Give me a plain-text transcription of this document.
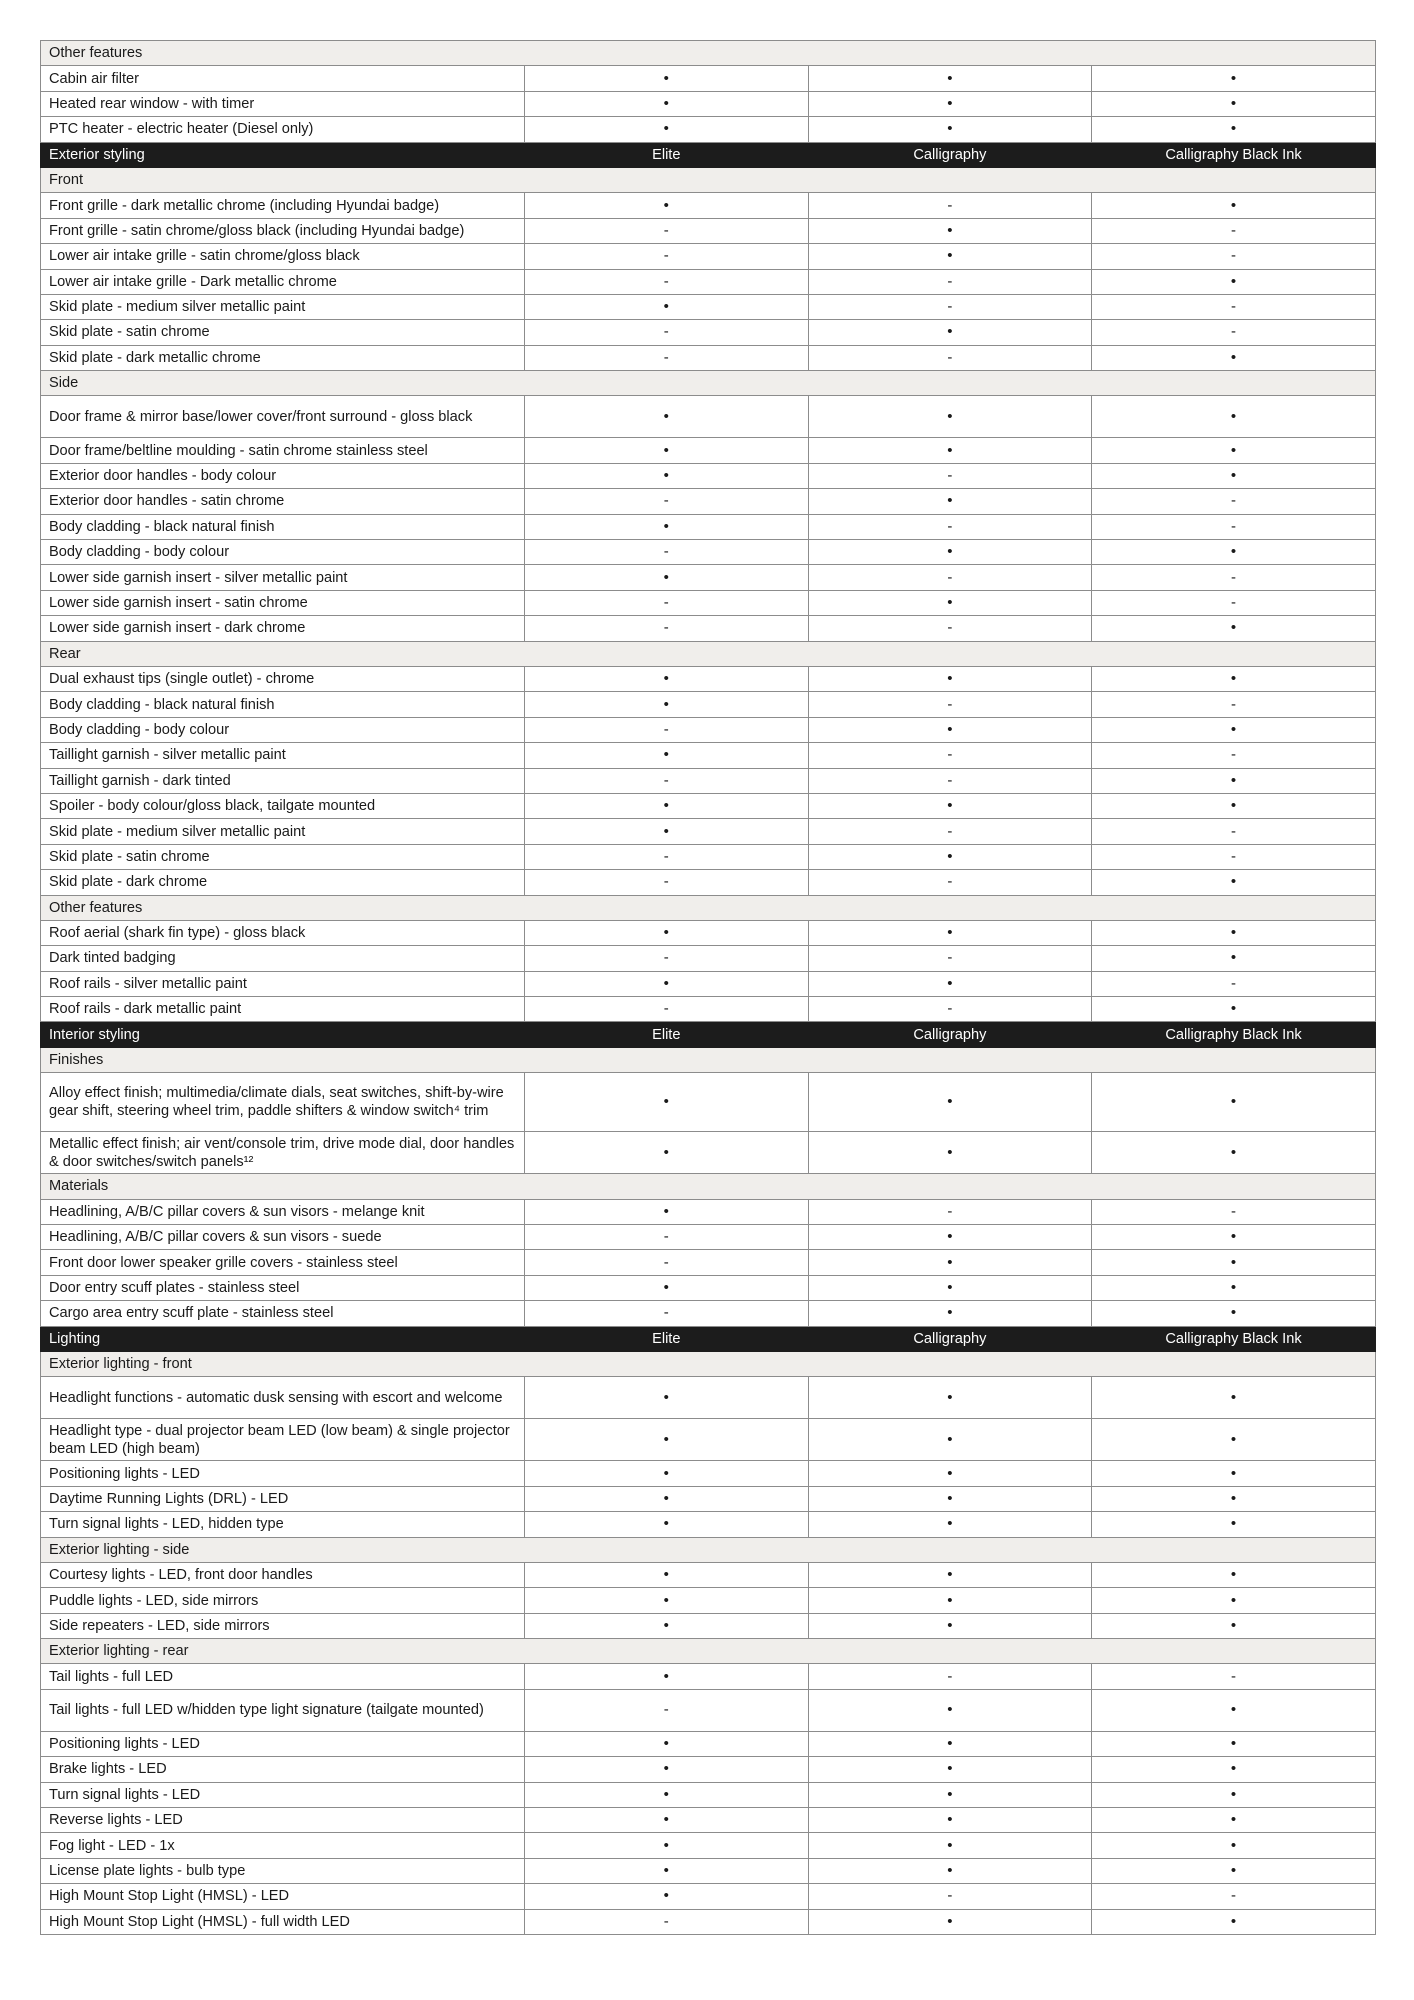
Other features			
Cabin air filter	•	•	•
Heated rear window - with timer	•	•	•
PTC heater - electric heater (Diesel only)	•	•	•
Exterior styling	Elite	Calligraphy	Calligraphy Black Ink
Front			
Front grille - dark metallic chrome (including Hyundai badge)	•	-	•
Front grille - satin chrome/gloss black (including Hyundai badge)	-	•	-
Lower air intake grille - satin chrome/gloss black	-	•	-
Lower air intake grille - Dark metallic chrome	-	-	•
Skid plate - medium silver metallic paint	•	-	-
Skid plate - satin chrome	-	•	-
Skid plate - dark metallic chrome	-	-	•
Side			
Door frame & mirror base/lower cover/front surround - gloss black	•	•	•
Door frame/beltline moulding - satin chrome stainless steel	•	•	•
Exterior door handles - body colour	•	-	•
Exterior door handles - satin chrome	-	•	-
Body cladding - black natural finish	•	-	-
Body cladding - body colour	-	•	•
Lower side garnish insert - silver metallic paint	•	-	-
Lower side garnish insert - satin chrome	-	•	-
Lower side garnish insert - dark chrome	-	-	•
Rear			
Dual exhaust tips (single outlet) - chrome	•	•	•
Body cladding - black natural finish	•	-	-
Body cladding - body colour	-	•	•
Taillight garnish - silver metallic paint	•	-	-
Taillight garnish - dark tinted	-	-	•
Spoiler - body colour/gloss black, tailgate mounted	•	•	•
Skid plate - medium silver metallic paint	•	-	-
Skid plate - satin chrome	-	•	-
Skid plate - dark chrome	-	-	•
Other features			
Roof aerial (shark fin type) - gloss black	•	•	•
Dark tinted badging	-	-	•
Roof rails - silver metallic paint	•	•	-
Roof rails - dark metallic paint	-	-	•
Interior styling	Elite	Calligraphy	Calligraphy Black Ink
Finishes			
Alloy effect finish; multimedia/climate dials, seat switches, shift-by-wire gear shift, steering wheel trim, paddle shifters & window switch⁴ trim	•	•	•
Metallic effect finish; air vent/console trim, drive mode dial, door handles & door switches/switch panels¹²	•	•	•
Materials			
Headlining, A/B/C pillar covers & sun visors - melange knit	•	-	-
Headlining, A/B/C pillar covers & sun visors - suede	-	•	•
Front door lower speaker grille covers - stainless steel	-	•	•
Door entry scuff plates - stainless steel	•	•	•
Cargo area entry scuff plate - stainless steel	-	•	•
Lighting	Elite	Calligraphy	Calligraphy Black Ink
Exterior lighting - front			
Headlight functions - automatic dusk sensing with escort and welcome	•	•	•
Headlight type - dual projector beam LED (low beam) & single projector beam LED (high beam)	•	•	•
Positioning lights - LED	•	•	•
Daytime Running Lights (DRL) - LED	•	•	•
Turn signal lights - LED, hidden type	•	•	•
Exterior lighting - side			
Courtesy lights - LED, front door handles	•	•	•
Puddle lights - LED, side mirrors	•	•	•
Side repeaters - LED, side mirrors	•	•	•
Exterior lighting - rear			
Tail lights - full LED	•	-	-
Tail lights - full LED w/hidden type light signature (tailgate mounted)	-	•	•
Positioning lights - LED	•	•	•
Brake lights - LED	•	•	•
Turn signal lights - LED	•	•	•
Reverse lights - LED	•	•	•
Fog light - LED - 1x	•	•	•
License plate lights - bulb type	•	•	•
High Mount Stop Light (HMSL) - LED	•	-	-
High Mount Stop Light (HMSL) - full width LED	-	•	•
